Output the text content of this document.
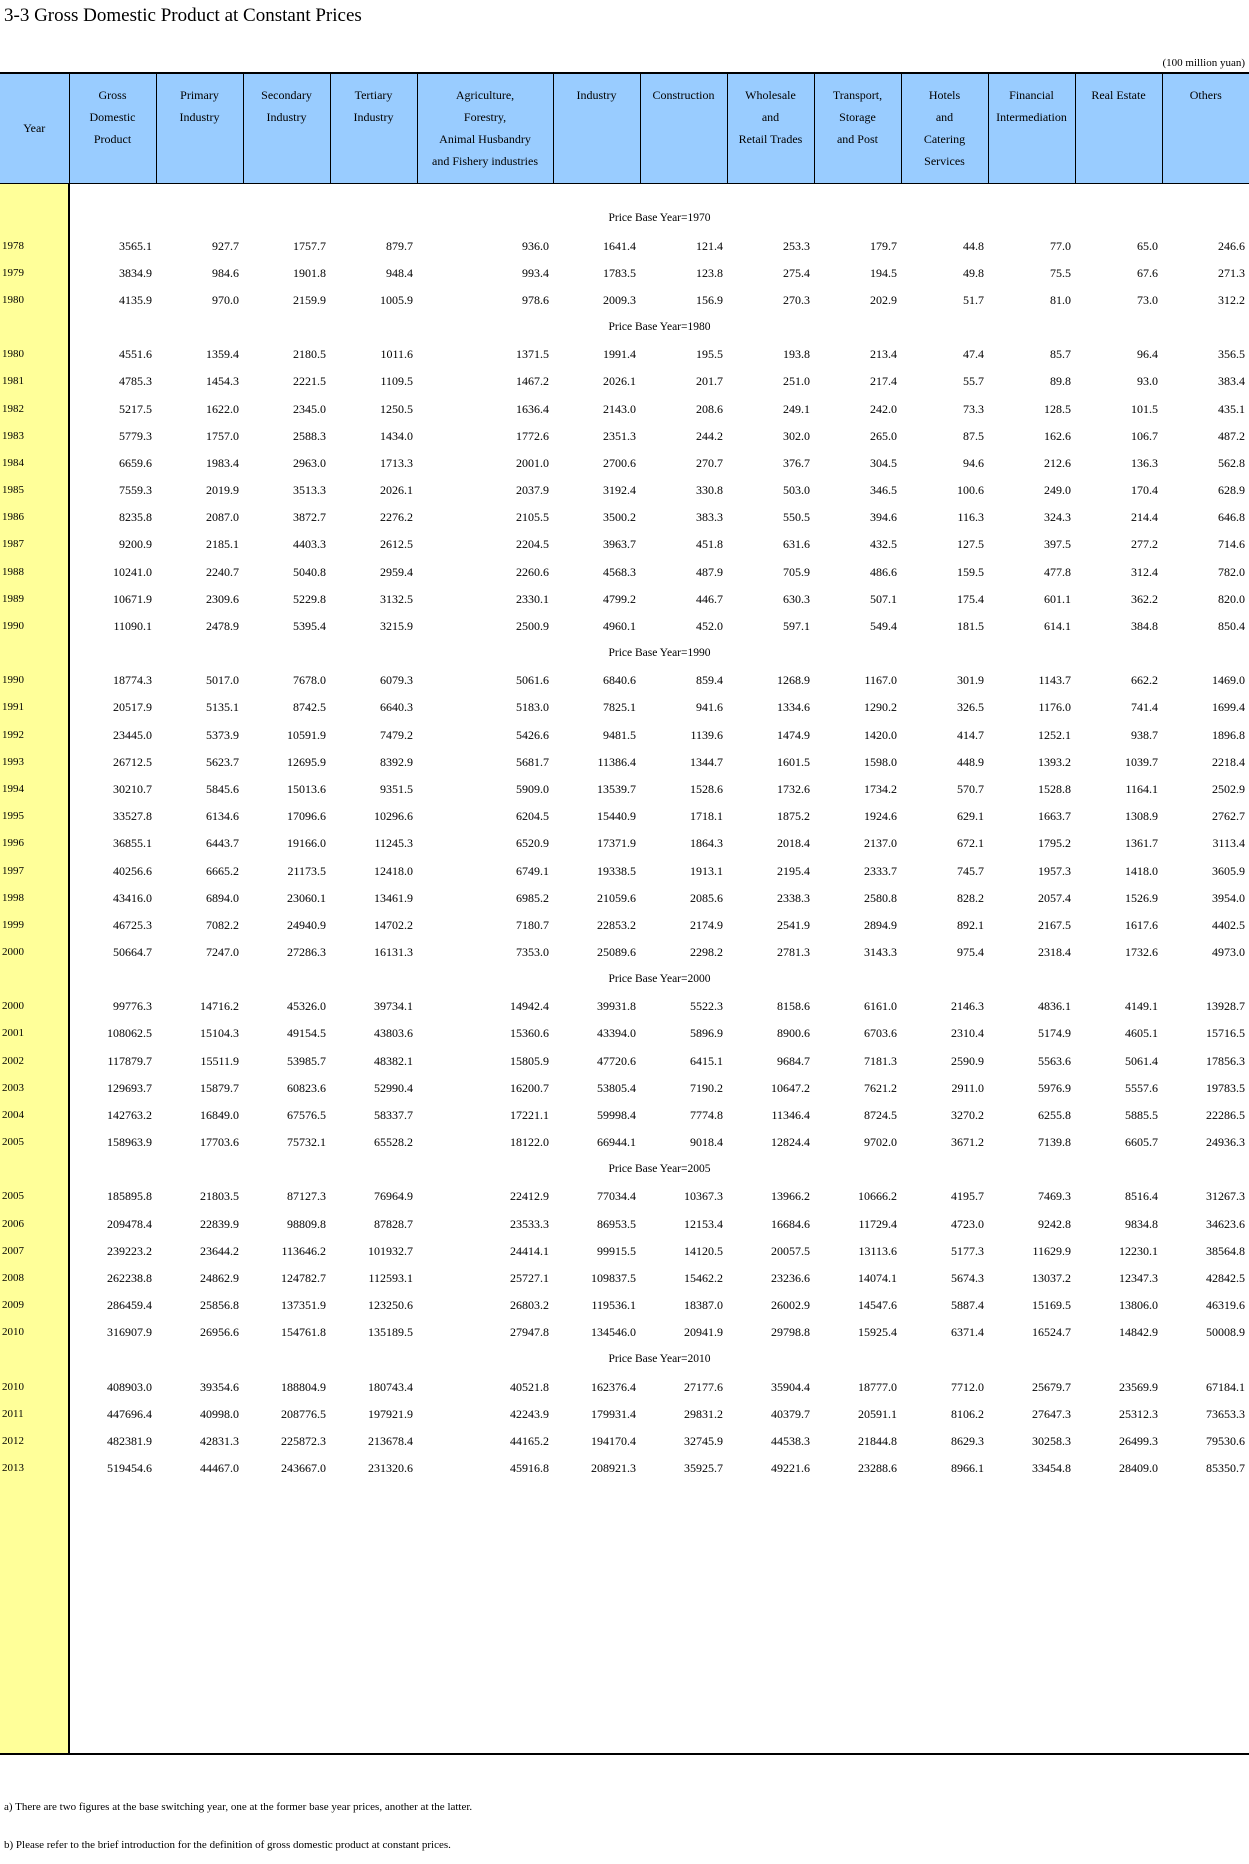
3-3 Gross Domestic Product at Constant Prices
(100 million yuan)
Year	Gross
Domestic
Product	Primary
Industry	Secondary
Industry	Tertiary
Industry	Agriculture,
Forestry,
Animal Husbandry
and Fishery industries	Industry	Construction	Wholesale
and
Retail Trades	Transport,
Storage
and Post	Hotels
and
Catering
Services	Financial
Intermediation	Real Estate	Others

	Price Base Year=1970												
1978	3565.1	927.7	1757.7	879.7	936.0	1641.4	121.4	253.3	179.7	44.8	77.0	65.0	246.6
1979	3834.9	984.6	1901.8	948.4	993.4	1783.5	123.8	275.4	194.5	49.8	75.5	67.6	271.3
1980	4135.9	970.0	2159.9	1005.9	978.6	2009.3	156.9	270.3	202.9	51.7	81.0	73.0	312.2
	Price Base Year=1980												
1980	4551.6	1359.4	2180.5	1011.6	1371.5	1991.4	195.5	193.8	213.4	47.4	85.7	96.4	356.5
1981	4785.3	1454.3	2221.5	1109.5	1467.2	2026.1	201.7	251.0	217.4	55.7	89.8	93.0	383.4
1982	5217.5	1622.0	2345.0	1250.5	1636.4	2143.0	208.6	249.1	242.0	73.3	128.5	101.5	435.1
1983	5779.3	1757.0	2588.3	1434.0	1772.6	2351.3	244.2	302.0	265.0	87.5	162.6	106.7	487.2
1984	6659.6	1983.4	2963.0	1713.3	2001.0	2700.6	270.7	376.7	304.5	94.6	212.6	136.3	562.8
1985	7559.3	2019.9	3513.3	2026.1	2037.9	3192.4	330.8	503.0	346.5	100.6	249.0	170.4	628.9
1986	8235.8	2087.0	3872.7	2276.2	2105.5	3500.2	383.3	550.5	394.6	116.3	324.3	214.4	646.8
1987	9200.9	2185.1	4403.3	2612.5	2204.5	3963.7	451.8	631.6	432.5	127.5	397.5	277.2	714.6
1988	10241.0	2240.7	5040.8	2959.4	2260.6	4568.3	487.9	705.9	486.6	159.5	477.8	312.4	782.0
1989	10671.9	2309.6	5229.8	3132.5	2330.1	4799.2	446.7	630.3	507.1	175.4	601.1	362.2	820.0
1990	11090.1	2478.9	5395.4	3215.9	2500.9	4960.1	452.0	597.1	549.4	181.5	614.1	384.8	850.4
	Price Base Year=1990												
1990	18774.3	5017.0	7678.0	6079.3	5061.6	6840.6	859.4	1268.9	1167.0	301.9	1143.7	662.2	1469.0
1991	20517.9	5135.1	8742.5	6640.3	5183.0	7825.1	941.6	1334.6	1290.2	326.5	1176.0	741.4	1699.4
1992	23445.0	5373.9	10591.9	7479.2	5426.6	9481.5	1139.6	1474.9	1420.0	414.7	1252.1	938.7	1896.8
1993	26712.5	5623.7	12695.9	8392.9	5681.7	11386.4	1344.7	1601.5	1598.0	448.9	1393.2	1039.7	2218.4
1994	30210.7	5845.6	15013.6	9351.5	5909.0	13539.7	1528.6	1732.6	1734.2	570.7	1528.8	1164.1	2502.9
1995	33527.8	6134.6	17096.6	10296.6	6204.5	15440.9	1718.1	1875.2	1924.6	629.1	1663.7	1308.9	2762.7
1996	36855.1	6443.7	19166.0	11245.3	6520.9	17371.9	1864.3	2018.4	2137.0	672.1	1795.2	1361.7	3113.4
1997	40256.6	6665.2	21173.5	12418.0	6749.1	19338.5	1913.1	2195.4	2333.7	745.7	1957.3	1418.0	3605.9
1998	43416.0	6894.0	23060.1	13461.9	6985.2	21059.6	2085.6	2338.3	2580.8	828.2	2057.4	1526.9	3954.0
1999	46725.3	7082.2	24940.9	14702.2	7180.7	22853.2	2174.9	2541.9	2894.9	892.1	2167.5	1617.6	4402.5
2000	50664.7	7247.0	27286.3	16131.3	7353.0	25089.6	2298.2	2781.3	3143.3	975.4	2318.4	1732.6	4973.0
	Price Base Year=2000												
2000	99776.3	14716.2	45326.0	39734.1	14942.4	39931.8	5522.3	8158.6	6161.0	2146.3	4836.1	4149.1	13928.7
2001	108062.5	15104.3	49154.5	43803.6	15360.6	43394.0	5896.9	8900.6	6703.6	2310.4	5174.9	4605.1	15716.5
2002	117879.7	15511.9	53985.7	48382.1	15805.9	47720.6	6415.1	9684.7	7181.3	2590.9	5563.6	5061.4	17856.3
2003	129693.7	15879.7	60823.6	52990.4	16200.7	53805.4	7190.2	10647.2	7621.2	2911.0	5976.9	5557.6	19783.5
2004	142763.2	16849.0	67576.5	58337.7	17221.1	59998.4	7774.8	11346.4	8724.5	3270.2	6255.8	5885.5	22286.5
2005	158963.9	17703.6	75732.1	65528.2	18122.0	66944.1	9018.4	12824.4	9702.0	3671.2	7139.8	6605.7	24936.3
	Price Base Year=2005												
2005	185895.8	21803.5	87127.3	76964.9	22412.9	77034.4	10367.3	13966.2	10666.2	4195.7	7469.3	8516.4	31267.3
2006	209478.4	22839.9	98809.8	87828.7	23533.3	86953.5	12153.4	16684.6	11729.4	4723.0	9242.8	9834.8	34623.6
2007	239223.2	23644.2	113646.2	101932.7	24414.1	99915.5	14120.5	20057.5	13113.6	5177.3	11629.9	12230.1	38564.8
2008	262238.8	24862.9	124782.7	112593.1	25727.1	109837.5	15462.2	23236.6	14074.1	5674.3	13037.2	12347.3	42842.5
2009	286459.4	25856.8	137351.9	123250.6	26803.2	119536.1	18387.0	26002.9	14547.6	5887.4	15169.5	13806.0	46319.6
2010	316907.9	26956.6	154761.8	135189.5	27947.8	134546.0	20941.9	29798.8	15925.4	6371.4	16524.7	14842.9	50008.9
	Price Base Year=2010												
2010	408903.0	39354.6	188804.9	180743.4	40521.8	162376.4	27177.6	35904.4	18777.0	7712.0	25679.7	23569.9	67184.1
2011	447696.4	40998.0	208776.5	197921.9	42243.9	179931.4	29831.2	40379.7	20591.1	8106.2	27647.3	25312.3	73653.3
2012	482381.9	42831.3	225872.3	213678.4	44165.2	194170.4	32745.9	44538.3	21844.8	8629.3	30258.3	26499.3	79530.6
2013	519454.6	44467.0	243667.0	231320.6	45916.8	208921.3	35925.7	49221.6	23288.6	8966.1	33454.8	28409.0	85350.7

a) There are two figures at the base switching year, one at the former base year prices, another at the latter.
b) Please refer to the brief introduction for the definition of gross domestic product at constant prices.
